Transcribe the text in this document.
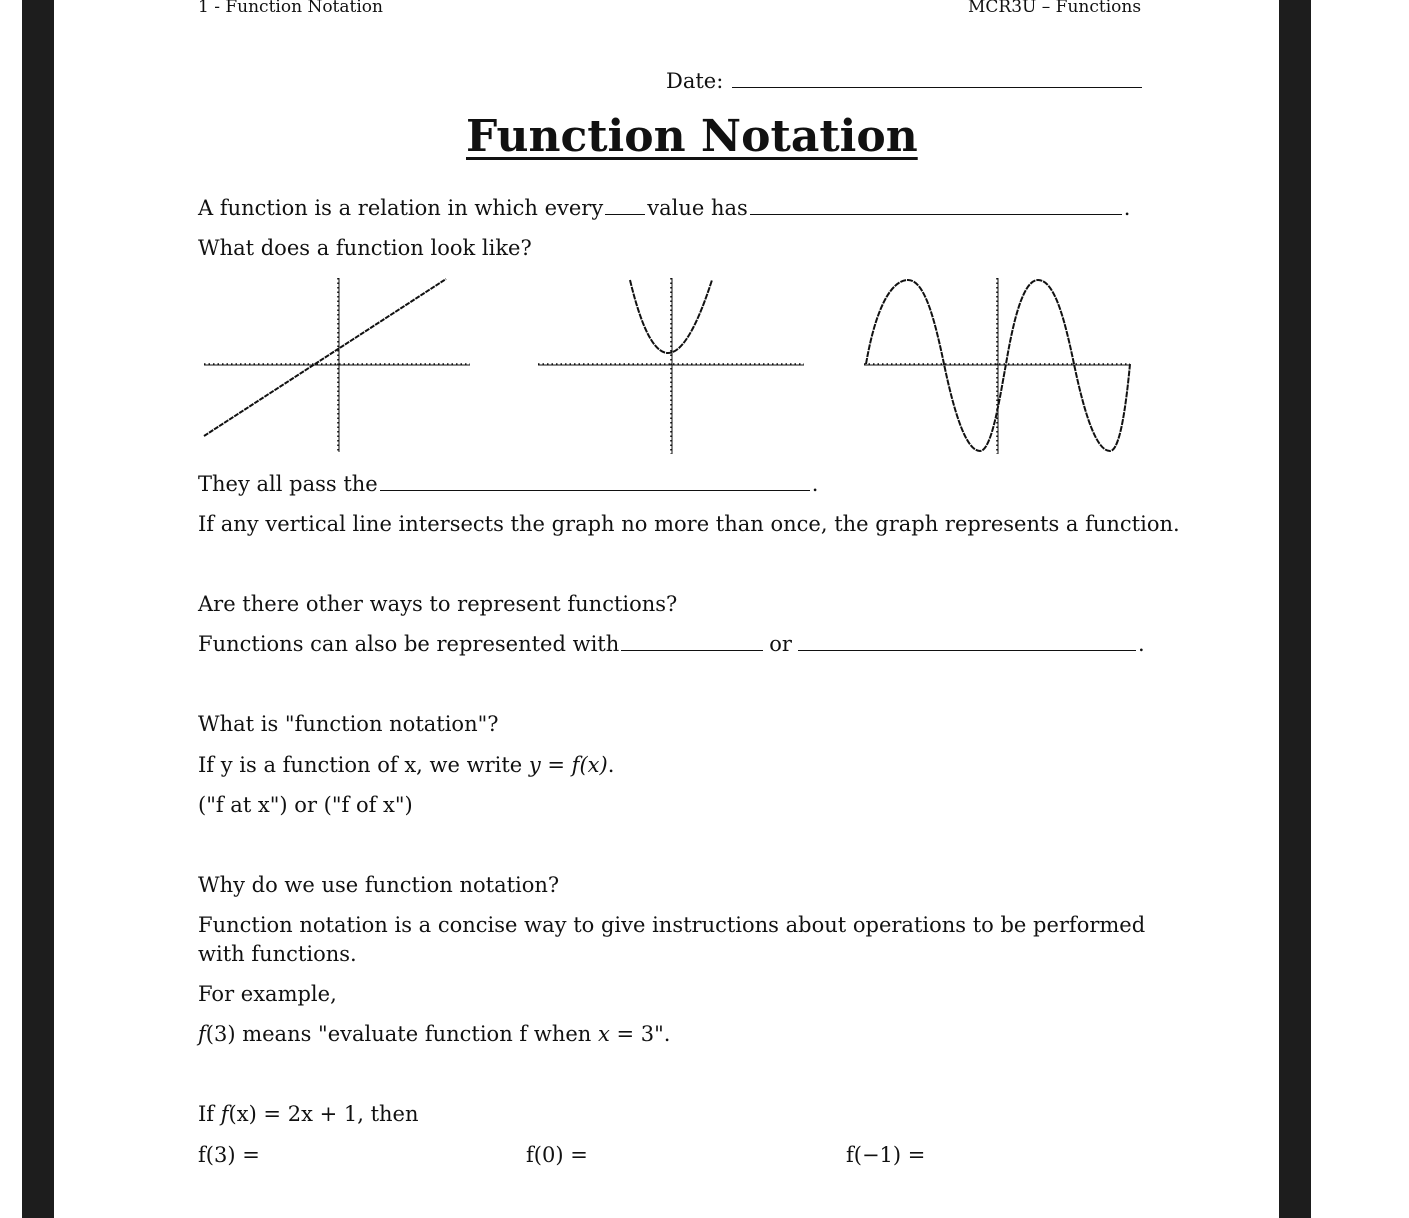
1 - Function Notation	MCR3U – Functions
Date:
Function Notation
A function is a relation in which every value has	.
What does a function look like?
They all pass the	.
If any vertical line intersects the graph no more than once, the graph represents a function.
Are there other ways to represent functions?
Functions can also be represented with	or	.
What is "function notation"?
If y is a function of x, we write y = f(x).
("f at x") or ("f of x")
Why do we use function notation?
Function notation is a concise way to give instructions about operations to be performed
with functions.
For example,
f(3) means "evaluate function f when x = 3".
If f(x) = 2x + 1, then
f(3) =	f(0) =	f(−1) =
